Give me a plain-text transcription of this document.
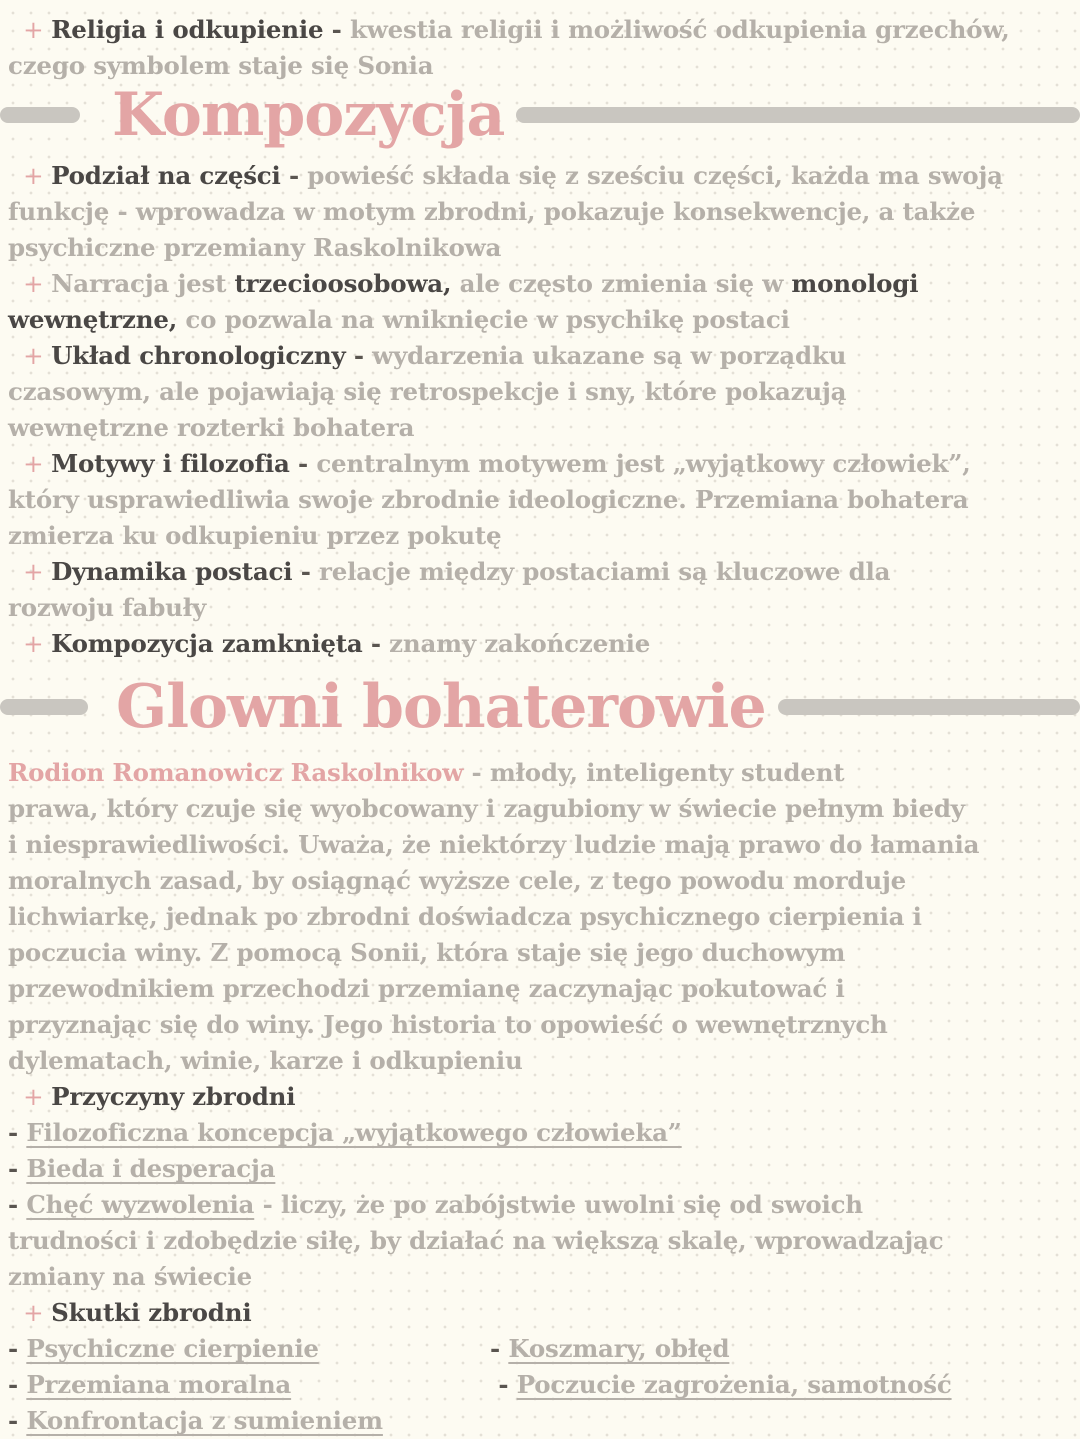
Kompozycja
Glowni bohaterowie
+ Religia i odkupienie - kwestia religii i możliwość odkupienia grzechów,
czego symbolem staje się Sonia
+ Podział na części - powieść składa się z sześciu części, każda ma swoją
funkcję - wprowadza w motym zbrodni, pokazuje konsekwencje, a także
psychiczne przemiany Raskolnikowa
+ Narracja jest trzecioosobowa, ale często zmienia się w monologi
wewnętrzne, co pozwala na wniknięcie w psychikę postaci
+ Układ chronologiczny - wydarzenia ukazane są w porządku
czasowym, ale pojawiają się retrospekcje i sny, które pokazują
wewnętrzne rozterki bohatera
+ Motywy i filozofia - centralnym motywem jest „wyjątkowy człowiek”,
który usprawiedliwia swoje zbrodnie ideologiczne. Przemiana bohatera
zmierza ku odkupieniu przez pokutę
+ Dynamika postaci - relacje między postaciami są kluczowe dla
rozwoju fabuły
+ Kompozycja zamknięta - znamy zakończenie
Rodion Romanowicz Raskolnikow - młody, inteligenty student
prawa, który czuje się wyobcowany i zagubiony w świecie pełnym biedy
i niesprawiedliwości. Uważa, że niektórzy ludzie mają prawo do łamania
moralnych zasad, by osiągnąć wyższe cele, z tego powodu morduje
lichwiarkę, jednak po zbrodni doświadcza psychicznego cierpienia i
poczucia winy. Z pomocą Sonii, która staje się jego duchowym
przewodnikiem przechodzi przemianę zaczynając pokutować i
przyznając się do winy. Jego historia to opowieść o wewnętrznych
dylematach, winie, karze i odkupieniu
+ Przyczyny zbrodni
- Filozoficzna koncepcja „wyjątkowego człowieka”
- Bieda i desperacja
- Chęć wyzwolenia - liczy, że po zabójstwie uwolni się od swoich
trudności i zdobędzie siłę, by działać na większą skalę, wprowadzając
zmiany na świecie
+ Skutki zbrodni
- Psychiczne cierpienie	- Koszmary, obłęd
- Przemiana moralna	- Poczucie zagrożenia, samotność
- Konfrontacja z sumieniem
